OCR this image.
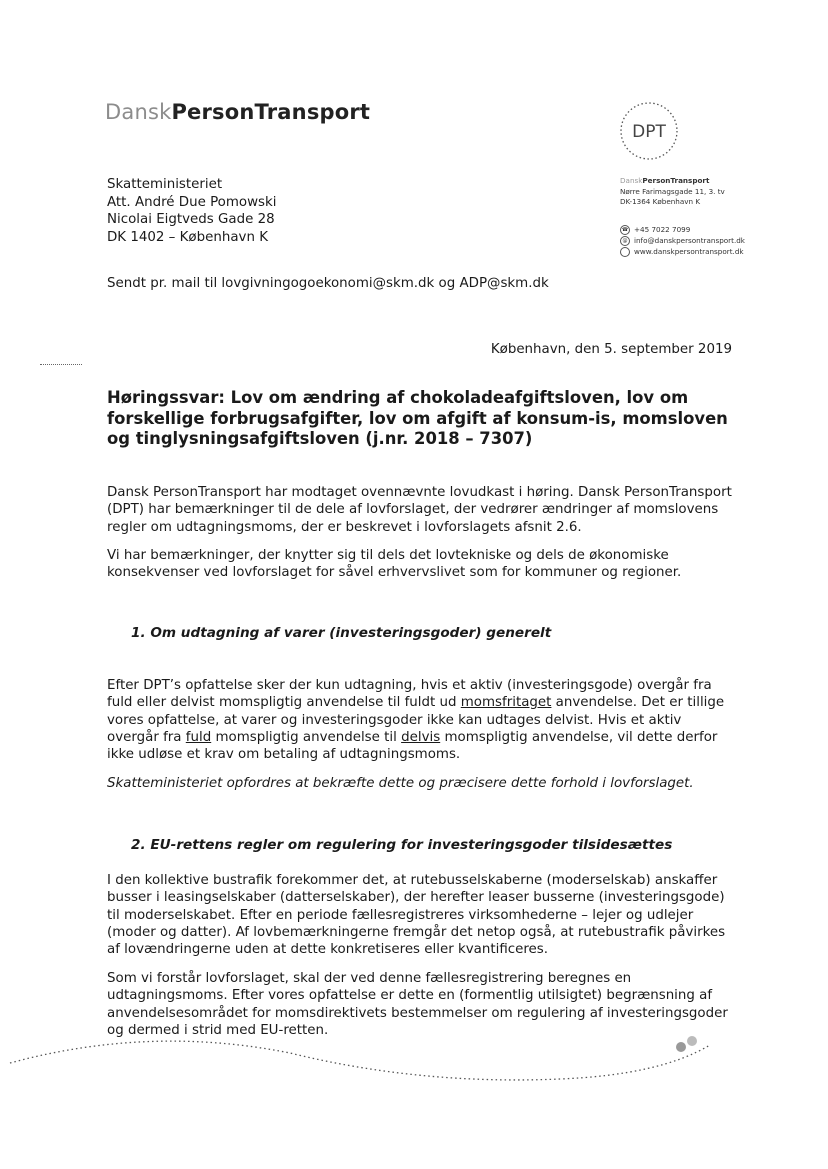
DanskPersonTransport
DPT
Skatteministeriet
Att. André Due Pomowski
Nicolai Eigtveds Gade 28
DK 1402 – København K
DanskPersonTransport
Nørre Farimagsgade 11, 3. tv
DK-1364 København K
☎ +45 7022 7099
@ info@danskpersontransport.dk
www.danskpersontransport.dk
Sendt pr. mail til lovgivningogoekonomi@skm.dk og ADP@skm.dk
København, den 5. september 2019
Høringssvar: Lov om ændring af chokoladeafgiftsloven, lov om forskellige forbrugsafgifter, lov om afgift af konsum-is, momsloven og tinglysningsafgiftsloven (j.nr. 2018 – 7307)
Dansk PersonTransport har modtaget ovennævnte lovudkast i høring. Dansk PersonTransport (DPT) har bemærkninger til de dele af lovforslaget, der vedrører ændringer af momslovens regler om udtagningsmoms, der er beskrevet i lovforslagets afsnit 2.6.
Vi har bemærkninger, der knytter sig til dels det lovtekniske og dels de økonomiske konsekvenser ved lovforslaget for såvel erhvervslivet som for kommuner og regioner.
1. Om udtagning af varer (investeringsgoder) generelt
Efter DPT’s opfattelse sker der kun udtagning, hvis et aktiv (investeringsgode) overgår fra fuld eller delvist momspligtig anvendelse til fuldt ud momsfritaget anvendelse. Det er tillige vores opfattelse, at varer og investeringsgoder ikke kan udtages delvist. Hvis et aktiv overgår fra fuld momspligtig anvendelse til delvis momspligtig anvendelse, vil dette derfor ikke udløse et krav om betaling af udtagningsmoms.
Skatteministeriet opfordres at bekræfte dette og præcisere dette forhold i lovforslaget.
2. EU-rettens regler om regulering for investeringsgoder tilsidesættes
I den kollektive bustrafik forekommer det, at rutebusselskaberne (moderselskab) anskaffer busser i leasingselskaber (datterselskaber), der herefter leaser busserne (investeringsgode) til moderselskabet. Efter en periode fællesregistreres virksomhederne – lejer og udlejer (moder og datter). Af lovbemærkningerne fremgår det netop også, at rutebustrafik påvirkes af lovændringerne uden at dette konkretiseres eller kvantificeres.
Som vi forstår lovforslaget, skal der ved denne fællesregistrering beregnes en udtagningsmoms. Efter vores opfattelse er dette en (formentlig utilsigtet) begrænsning af anvendelsesområdet for momsdirektivets bestemmelser om regulering af investeringsgoder og dermed i strid med EU-retten.
